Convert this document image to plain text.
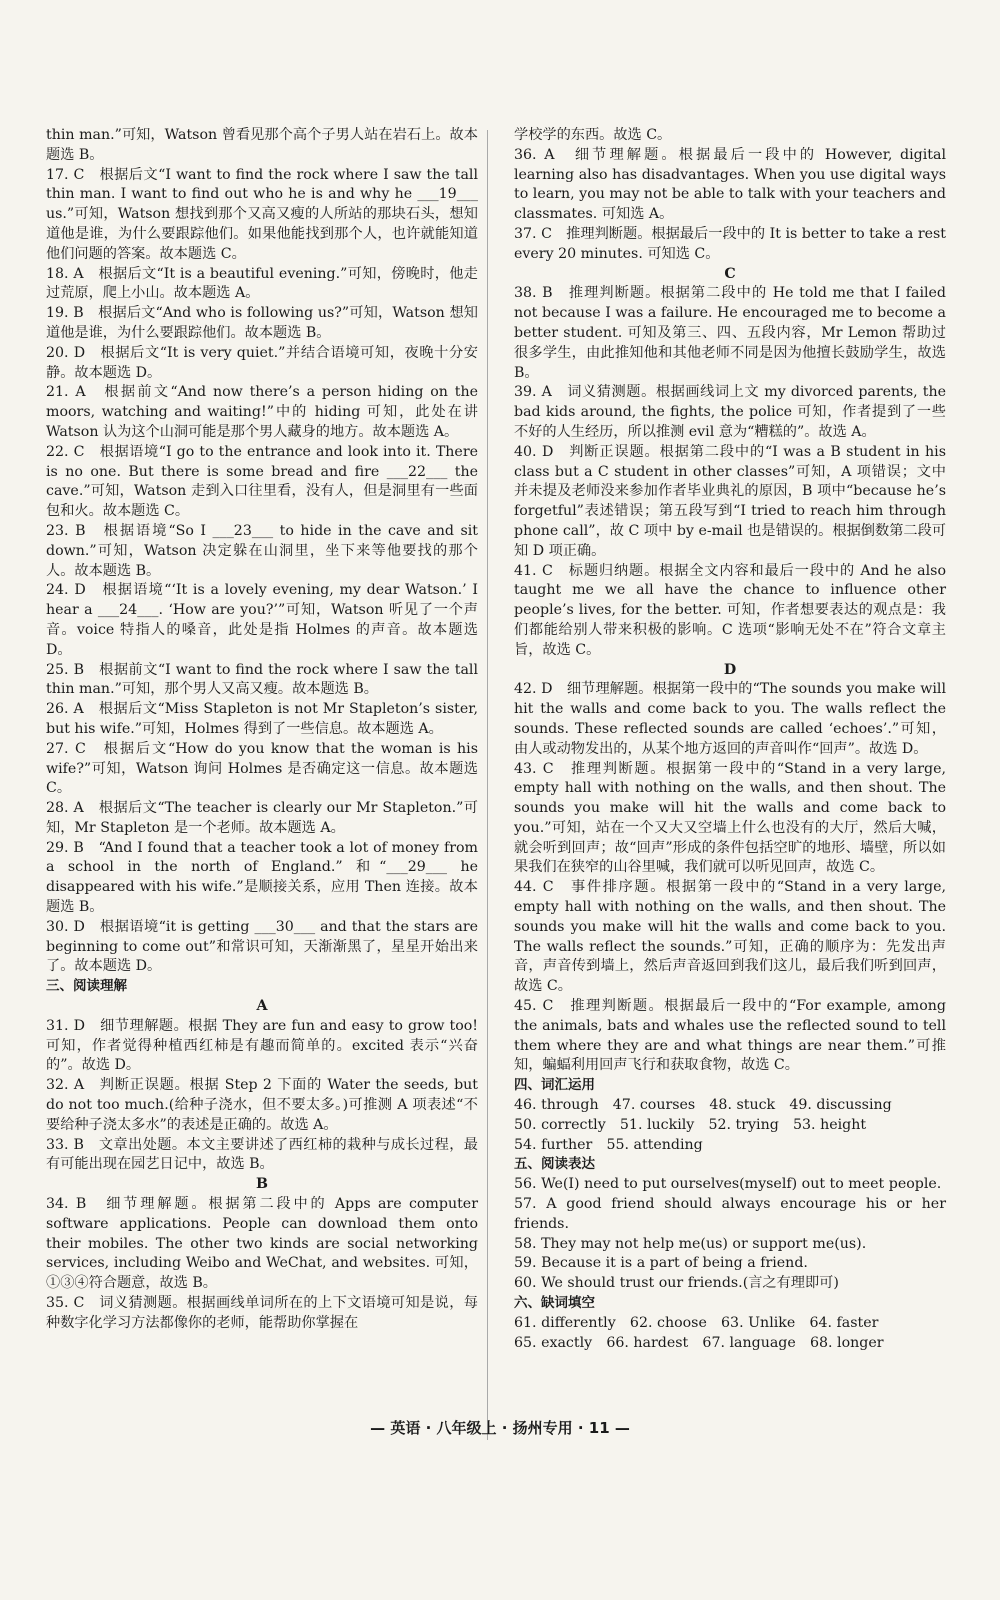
thin man.”可知，Watson 曾看见那个高个子男人站在岩石上。故本题选 B。

17. C　根据后文“I want to find the rock where I saw the tall thin man. I want to find out who he is and why he ___19___ us.”可知，Watson 想找到那个又高又瘦的人所站的那块石头，想知道他是谁，为什么要跟踪他们。如果他能找到那个人，也许就能知道他们问题的答案。故本题选 C。

18. A　根据后文“It is a beautiful evening.”可知，傍晚时，他走过荒原，爬上小山。故本题选 A。

19. B　根据后文“And who is following us?”可知，Watson 想知道他是谁，为什么要跟踪他们。故本题选 B。

20. D　根据后文“It is very quiet.”并结合语境可知，夜晚十分安静。故本题选 D。

21. A　根据前文“And now there’s a person hiding on the moors, watching and waiting!”中的 hiding 可知，此处在讲 Watson 认为这个山洞可能是那个男人藏身的地方。故本题选 A。

22. C　根据语境“I go to the entrance and look into it. There is no one. But there is some bread and fire ___22___ the cave.”可知，Watson 走到入口往里看，没有人，但是洞里有一些面包和火。故本题选 C。

23. B　根据语境“So I ___23___ to hide in the cave and sit down.”可知，Watson 决定躲在山洞里，坐下来等他要找的那个人。故本题选 B。

24. D　根据语境“‘It is a lovely evening, my dear Watson.’ I hear a ___24___. ‘How are you?’”可知，Watson 听见了一个声音。voice 特指人的嗓音，此处是指 Holmes 的声音。故本题选 D。

25. B　根据前文“I want to find the rock where I saw the tall thin man.”可知，那个男人又高又瘦。故本题选 B。

26. A　根据后文“Miss Stapleton is not Mr Stapleton’s sister, but his wife.”可知，Holmes 得到了一些信息。故本题选 A。

27. C　根据后文“How do you know that the woman is his wife?”可知，Watson 询问 Holmes 是否确定这一信息。故本题选 C。

28. A　根据后文“The teacher is clearly our Mr Stapleton.”可知，Mr Stapleton 是一个老师。故本题选 A。

29. B　“And I found that a teacher took a lot of money from a school in the north of England.” 和“___29___ he disappeared with his wife.”是顺接关系，应用 Then 连接。故本题选 B。

30. D　根据语境“it is getting ___30___ and that the stars are beginning to come out”和常识可知，天渐渐黑了，星星开始出来了。故本题选 D。

三、阅读理解

A

31. D　细节理解题。根据 They are fun and easy to grow too! 可知，作者觉得种植西红柿是有趣而简单的。excited 表示“兴奋的”。故选 D。

32. A　判断正误题。根据 Step 2 下面的 Water the seeds, but do not too much.(给种子浇水，但不要太多。)可推测 A 项表述“不要给种子浇太多水”的表述是正确的。故选 A。

33. B　文章出处题。本文主要讲述了西红柿的栽种与成长过程，最有可能出现在园艺日记中，故选 B。

B

34. B　细节理解题。根据第二段中的 Apps are computer software applications. People can download them onto their mobiles. The other two kinds are social networking services, including Weibo and WeChat, and websites. 可知，①③④符合题意，故选 B。

35. C　词义猜测题。根据画线单词所在的上下文语境可知是说，每种数字化学习方法都像你的老师，能帮助你掌握在

学校学的东西。故选 C。

36. A　细节理解题。根据最后一段中的 However, digital learning also has disadvantages. When you use digital ways to learn, you may not be able to talk with your teachers and classmates. 可知选 A。

37. C　推理判断题。根据最后一段中的 It is better to take a rest every 20 minutes. 可知选 C。

C

38. B　推理判断题。根据第二段中的 He told me that I failed not because I was a failure. He encouraged me to become a better student. 可知及第三、四、五段内容，Mr Lemon 帮助过很多学生，由此推知他和其他老师不同是因为他擅长鼓励学生，故选 B。

39. A　词义猜测题。根据画线词上文 my divorced parents, the bad kids around, the fights, the police 可知，作者提到了一些不好的人生经历，所以推测 evil 意为“糟糕的”。故选 A。

40. D　判断正误题。根据第二段中的“I was a B student in his class but a C student in other classes”可知，A 项错误；文中并未提及老师没来参加作者毕业典礼的原因，B 项中“because he’s forgetful”表述错误；第五段写到“I tried to reach him through phone call”，故 C 项中 by e-mail 也是错误的。根据倒数第二段可知 D 项正确。

41. C　标题归纳题。根据全文内容和最后一段中的 And he also taught me we all have the chance to influence other people’s lives, for the better. 可知，作者想要表达的观点是：我们都能给别人带来积极的影响。C 选项“影响无处不在”符合文章主旨，故选 C。

D

42. D　细节理解题。根据第一段中的“The sounds you make will hit the walls and come back to you. The walls reflect the sounds. These reflected sounds are called ‘echoes’.”可知，由人或动物发出的，从某个地方返回的声音叫作“回声”。故选 D。

43. C　推理判断题。根据第一段中的“Stand in a very large, empty hall with nothing on the walls, and then shout. The sounds you make will hit the walls and come back to you.”可知，站在一个又大又空墙上什么也没有的大厅，然后大喊，就会听到回声；故“回声”形成的条件包括空旷的地形、墙壁，所以如果我们在狭窄的山谷里喊，我们就可以听见回声，故选 C。

44. C　事件排序题。根据第一段中的“Stand in a very large, empty hall with nothing on the walls, and then shout. The sounds you make will hit the walls and come back to you. The walls reflect the sounds.”可知，正确的顺序为：先发出声音，声音传到墙上，然后声音返回到我们这儿，最后我们听到回声，故选 C。

45. C　推理判断题。根据最后一段中的“For example, among the animals, bats and whales use the reflected sound to tell them where they are and what things are near them.”可推知，蝙蝠利用回声飞行和获取食物，故选 C。

四、词汇运用

46. through　47. courses　48. stuck　49. discussing

50. correctly　51. luckily　52. trying　53. height

54. further　55. attending

五、阅读表达

56. We(I) need to put ourselves(myself) out to meet people.

57. A good friend should always encourage his or her friends.

58. They may not help me(us) or support me(us).

59. Because it is a part of being a friend.

60. We should trust our friends.(言之有理即可)

六、缺词填空

61. differently　62. choose　63. Unlike　64. faster

65. exactly　66. hardest　67. language　68. longer

— 英语 · 八年级上 · 扬州专用 · 11 —
